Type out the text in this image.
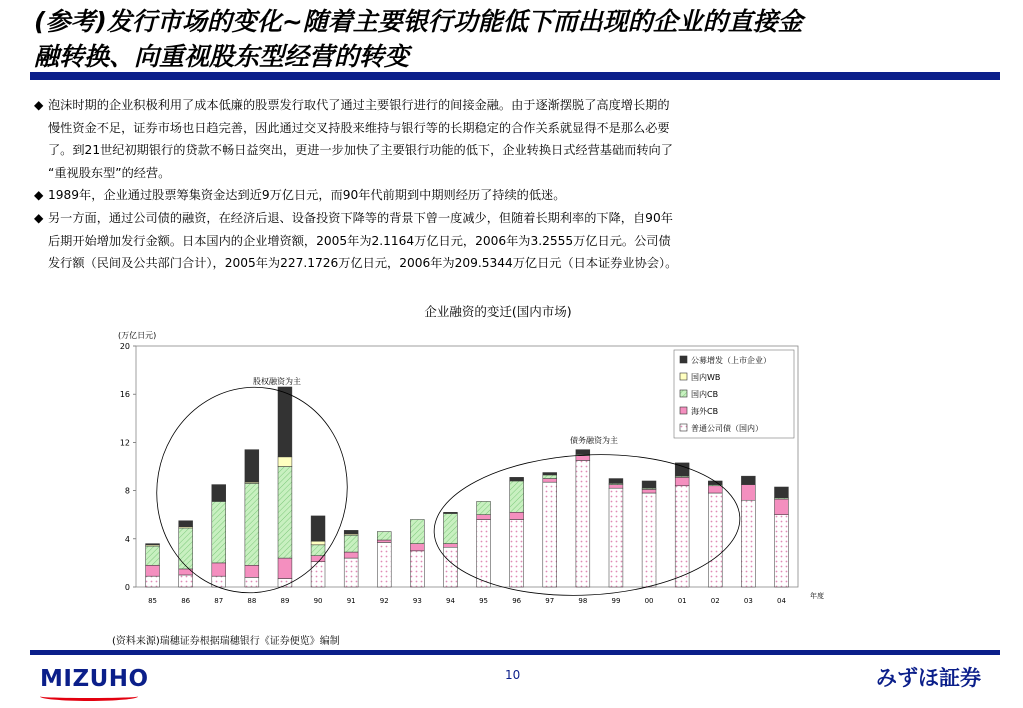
(参考)发行市场的变化~随着主要银行功能低下而出现的企业的直接金
融转换、向重视股东型经营的转变
◆ 泡沫时期的企业积极利用了成本低廉的股票发行取代了通过主要银行进行的间接金融。由于逐渐摆脱了高度增长期的
慢性资金不足，证券市场也日趋完善，因此通过交叉持股来维持与银行等的长期稳定的合作关系就显得不是那么必要
了。到21世纪初期银行的贷款不畅日益突出，更进一步加快了主要银行功能的低下，企业转换日式经营基础而转向了
“重视股东型”的经营。
◆ 1989年，企业通过股票筹集资金达到近9万亿日元，而90年代前期到中期则经历了持续的低迷。
◆ 另一方面，通过公司债的融资，在经济后退、设备投资下降等的背景下曾一度减少，但随着长期利率的下降，自90年
后期开始增加发行金额。日本国内的企业增资额，2005年为2.1164万亿日元，2006年为3.2555万亿日元。公司债
发行额（民间及公共部门合计），2005年为227.1726万亿日元，2006年为209.5344万亿日元（日本证券业协会）。
企业融资的变迁(国内市场)
(万亿日元)
0
4
8
12
16
20
85	86	87	88	89	90	91	92	93	94	95	96	97	98	99	00	01	02	03	04
年度
股权融资为主
债务融资为主
公募增发（上市企业）
国内WB
国内CB
海外CB
普通公司债（国内）
(资料来源)瑞穗证券根据瑞穗银行《证券便览》编制
MIZUHO	10	みずほ証券
